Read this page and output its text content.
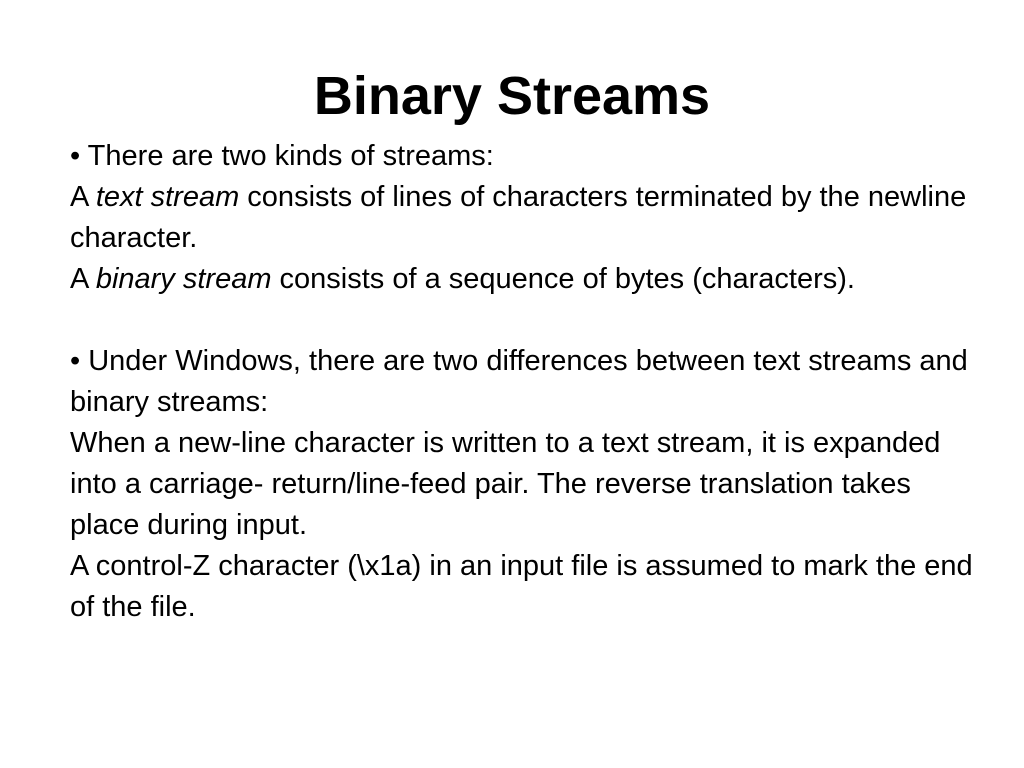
Binary Streams

• There are two kinds of streams:

A text stream consists of lines of characters terminated by the newline character.

A binary stream consists of a sequence of bytes (characters).

• Under Windows, there are two differences between text streams and binary streams:

When a new-line character is written to a text stream, it is expanded into a carriage- return/line-feed pair. The reverse translation takes place during input.

A control-Z character (\x1a) in an input file is assumed to mark the end of the file.
